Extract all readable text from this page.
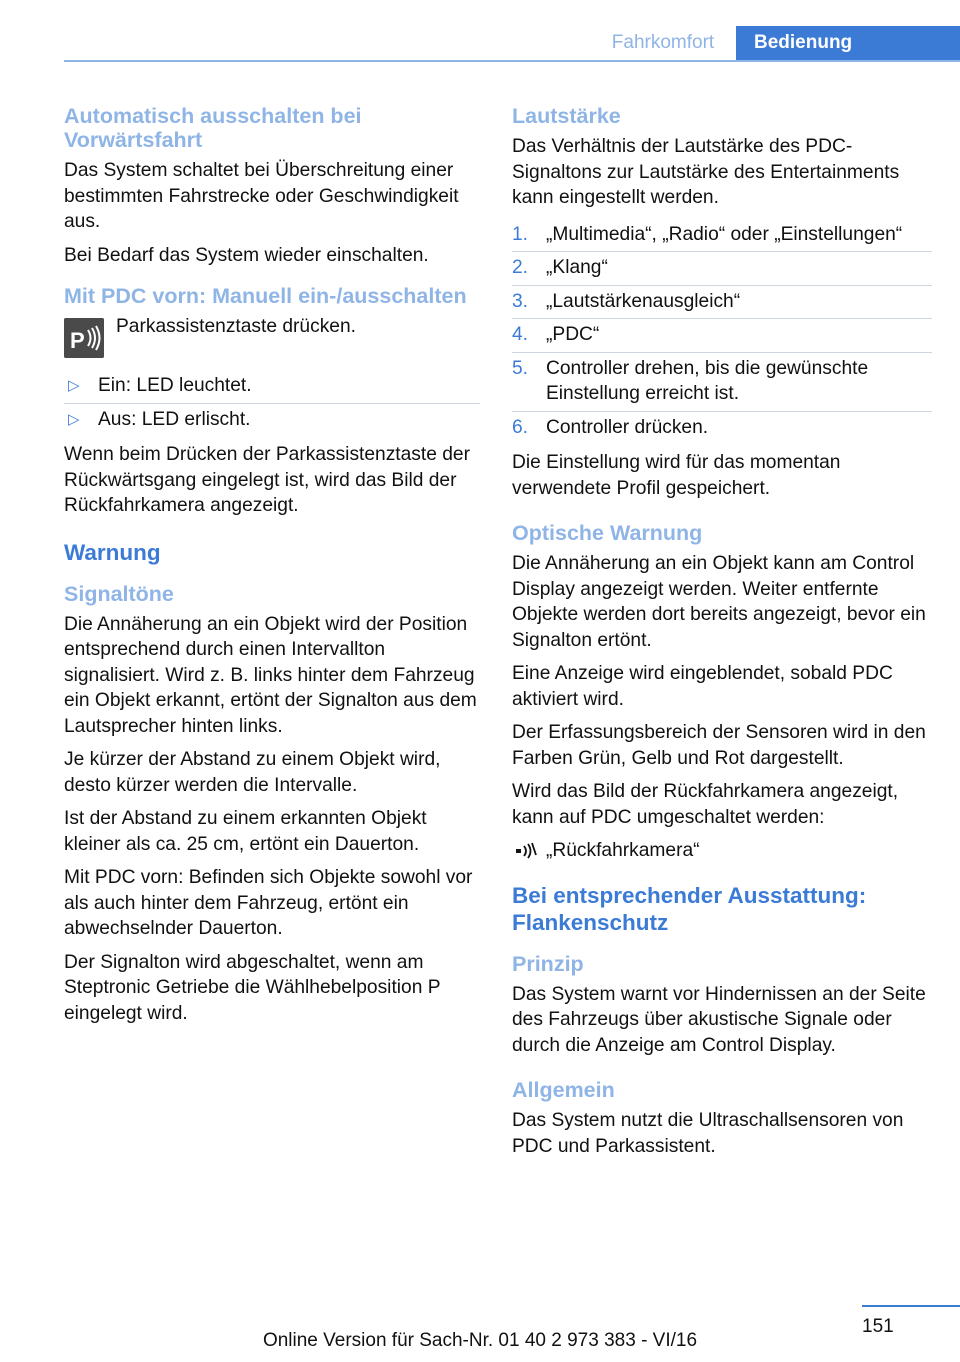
Fahrkomfort	Bedienung
Automatisch ausschalten bei Vorwärtsfahrt
Das System schaltet bei Überschreitung einer bestimmten Fahrstrecke oder Geschwindigkeit aus.
Bei Bedarf das System wieder einschalten.
Mit PDC vorn: Manuell ein-/ausschalten
P
Parkassistenztaste drücken.
▷ Ein: LED leuchtet.
▷ Aus: LED erlischt.
Wenn beim Drücken der Parkassistenztaste der Rückwärtsgang eingelegt ist, wird das Bild der Rückfahrkamera angezeigt.
Warnung
Signaltöne
Die Annäherung an ein Objekt wird der Position entsprechend durch einen Intervallton signalisiert. Wird z. B. links hinter dem Fahrzeug ein Objekt erkannt, ertönt der Signalton aus dem Lautsprecher hinten links.
Je kürzer der Abstand zu einem Objekt wird, desto kürzer werden die Intervalle.
Ist der Abstand zu einem erkannten Objekt kleiner als ca. 25 cm, ertönt ein Dauerton.
Mit PDC vorn: Befinden sich Objekte sowohl vor als auch hinter dem Fahrzeug, ertönt ein abwechselnder Dauerton.
Der Signalton wird abgeschaltet, wenn am Steptronic Getriebe die Wählhebelposition P eingelegt wird.
Lautstärke
Das Verhältnis der Lautstärke des PDC-Signaltons zur Lautstärke des Entertainments kann eingestellt werden.
1. „Multimedia“, „Radio“ oder „Einstellungen“
2. „Klang“
3. „Lautstärkenausgleich“
4. „PDC“
5. Controller drehen, bis die gewünschte Einstellung erreicht ist.
6. Controller drücken.
Die Einstellung wird für das momentan verwendete Profil gespeichert.
Optische Warnung
Die Annäherung an ein Objekt kann am Control Display angezeigt werden. Weiter entfernte Objekte werden dort bereits angezeigt, bevor ein Signalton ertönt.
Eine Anzeige wird eingeblendet, sobald PDC aktiviert wird.
Der Erfassungsbereich der Sensoren wird in den Farben Grün, Gelb und Rot dargestellt.
Wird das Bild der Rückfahrkamera angezeigt, kann auf PDC umgeschaltet werden:
„Rückfahrkamera“
Bei entsprechender Ausstattung: Flankenschutz
Prinzip
Das System warnt vor Hindernissen an der Seite des Fahrzeugs über akustische Signale oder durch die Anzeige am Control Display.
Allgemein
Das System nutzt die Ultraschallsensoren von PDC und Parkassistent.
151
Online Version für Sach-Nr. 01 40 2 973 383 - VI/16
